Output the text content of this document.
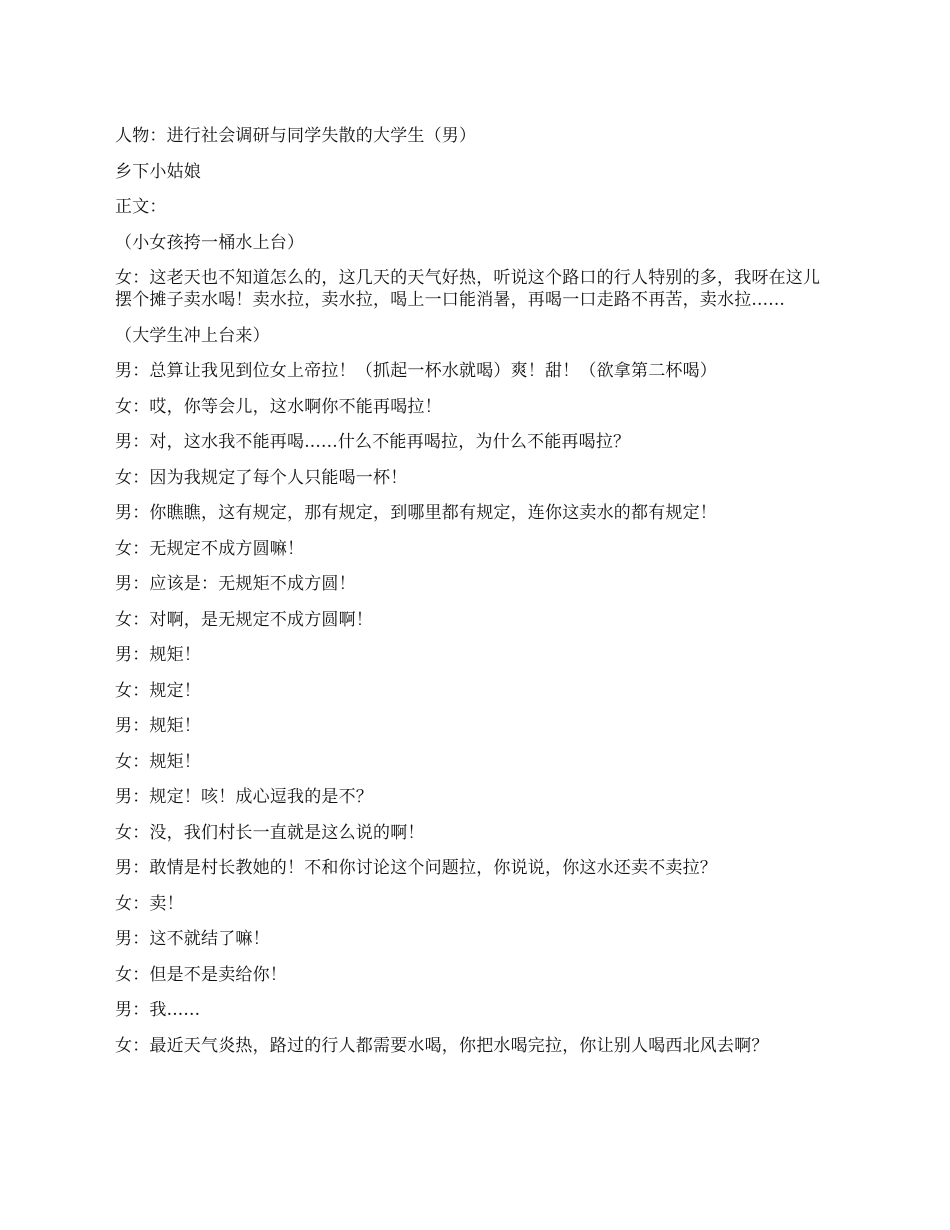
人物：进行社会调研与同学失散的大学生（男）

乡下小姑娘

正文：

（小女孩挎一桶水上台）

女：这老天也不知道怎么的，这几天的天气好热，听说这个路口的行人特别的多，我呀在这儿摆个摊子卖水喝！卖水拉，卖水拉，喝上一口能消暑，再喝一口走路不再苦，卖水拉......

（大学生冲上台来）

男：总算让我见到位女上帝拉！（抓起一杯水就喝）爽！甜！（欲拿第二杯喝）

女：哎，你等会儿，这水啊你不能再喝拉！

男：对，这水我不能再喝......什么不能再喝拉，为什么不能再喝拉？

女：因为我规定了每个人只能喝一杯！

男：你瞧瞧，这有规定，那有规定，到哪里都有规定，连你这卖水的都有规定！

女：无规定不成方圆嘛！

男：应该是：无规矩不成方圆！

女：对啊，是无规定不成方圆啊！

男：规矩！

女：规定！

男：规矩！

女：规矩！

男：规定！咳！成心逗我的是不？

女：没，我们村长一直就是这么说的啊！

男：敢情是村长教她的！不和你讨论这个问题拉，你说说，你这水还卖不卖拉？

女：卖！

男：这不就结了嘛！

女：但是不是卖给你！

男：我......

女：最近天气炎热，路过的行人都需要水喝，你把水喝完拉，你让别人喝西北风去啊？
